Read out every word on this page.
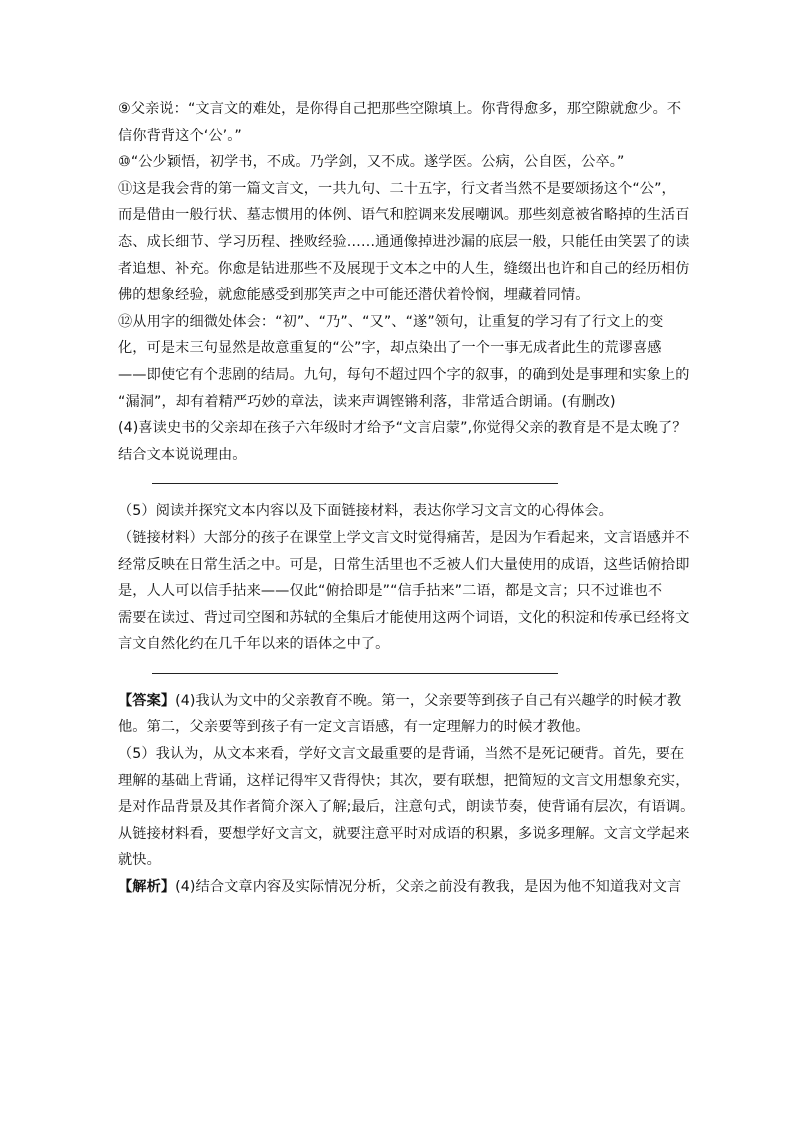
⑨父亲说：“文言文的难处，是你得自己把那些空隙填上。你背得愈多，那空隙就愈少。不
信你背背这个‘公’。”
⑩“公少颖悟，初学书，不成。乃学剑，又不成。遂学医。公病，公自医，公卒。”
⑪这是我会背的第一篇文言文，一共九句、二十五字，行文者当然不是要颂扬这个“公”，
而是借由一般行状、墓志惯用的体例、语气和腔调来发展嘲讽。那些刻意被省略掉的生活百
态、成长细节、学习历程、挫败经验……通通像掉进沙漏的底层一般，只能任由笑罢了的读
者追想、补充。你愈是钻进那些不及展现于文本之中的人生，缝缀出也许和自己的经历相仿
佛的想象经验，就愈能感受到那笑声之中可能还潜伏着怜悯，埋藏着同情。
⑫从用字的细微处体会：“初”、“乃”、“又”、“遂”领句，让重复的学习有了行文上的变
化，可是末三句显然是故意重复的“公”字，却点染出了一个一事无成者此生的荒谬喜感
——即使它有个悲剧的结局。九句，每句不超过四个字的叙事，的确到处是事理和实象上的
“漏洞”，却有着精严巧妙的章法，读来声调铿锵利落，非常适合朗诵。(有删改)
(4)喜读史书的父亲却在孩子六年级时才给予“文言启蒙”,你觉得父亲的教育是不是太晚了？
结合文本说说理由。
（5）阅读并探究文本内容以及下面链接材料，表达你学习文言文的心得体会。
（链接材料）大部分的孩子在课堂上学文言文时觉得痛苦，是因为乍看起来，文言语感并不
经常反映在日常生活之中。可是，日常生活里也不乏被人们大量使用的成语，这些话俯拾即
是，人人可以信手拈来——仅此“俯拾即是”“信手拈来”二语，都是文言；只不过谁也不
需要在读过、背过司空图和苏轼的全集后才能使用这两个词语，文化的积淀和传承已经将文
言文自然化约在几千年以来的语体之中了。
【答案】(4)我认为文中的父亲教育不晚。第一，父亲要等到孩子自己有兴趣学的时候才教
他。第二，父亲要等到孩子有一定文言语感，有一定理解力的时候才教他。
（5）我认为，从文本来看，学好文言文最重要的是背诵，当然不是死记硬背。首先，要在
理解的基础上背诵，这样记得牢又背得快；其次，要有联想，把简短的文言文用想象充实，
是对作品背景及其作者简介深入了解;最后，注意句式，朗读节奏，使背诵有层次，有语调。
从链接材料看，要想学好文言文，就要注意平时对成语的积累，多说多理解。文言文学起来
就快。
【解析】(4)结合文章内容及实际情况分析，父亲之前没有教我，是因为他不知道我对文言
